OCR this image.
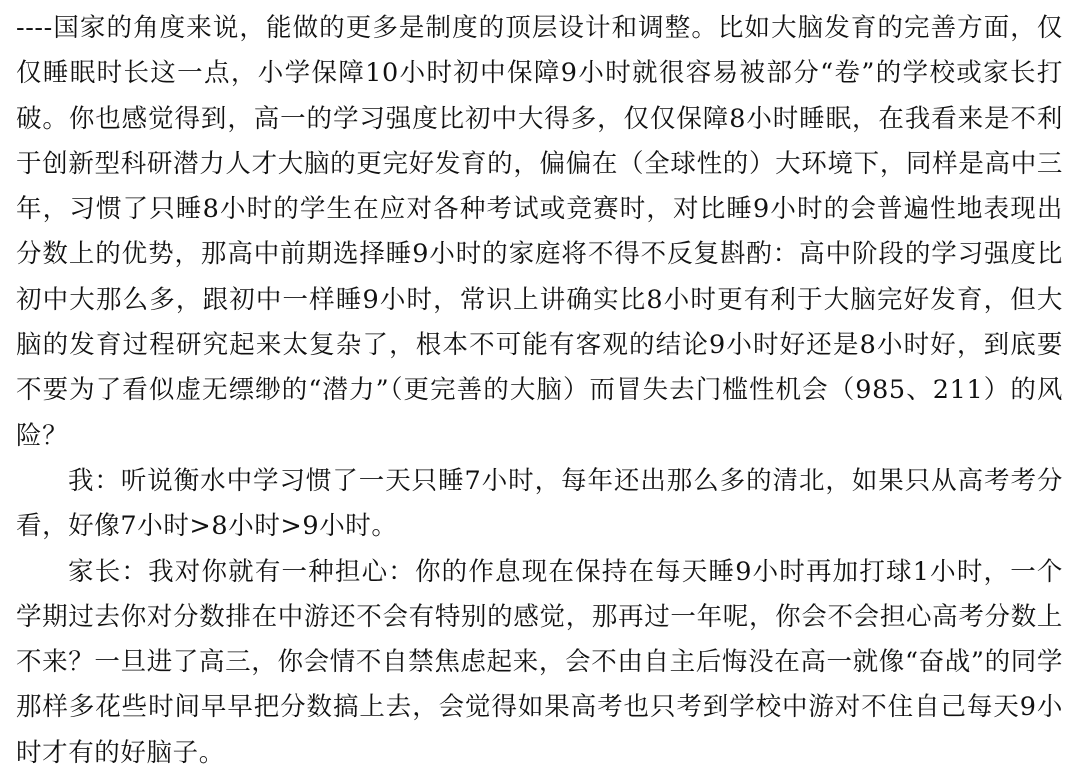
----国家的角度来说，能做的更多是制度的顶层设计和调整。比如大脑发育的完善方面，仅仅睡眠时长这一点，小学保障10小时初中保障9小时就很容易被部分“卷”的学校或家长打破。你也感觉得到，高一的学习强度比初中大得多，仅仅保障8小时睡眠，在我看来是不利于创新型科研潜力人才大脑的更完好发育的，偏偏在（全球性的）大环境下，同样是高中三年，习惯了只睡8小时的学生在应对各种考试或竞赛时，对比睡9小时的会普遍性地表现出分数上的优势，那高中前期选择睡9小时的家庭将不得不反复斟酌：高中阶段的学习强度比初中大那么多，跟初中一样睡9小时，常识上讲确实比8小时更有利于大脑完好发育，但大脑的发育过程研究起来太复杂了，根本不可能有客观的结论9小时好还是8小时好，到底要不要为了看似虚无缥缈的“潜力”（更完善的大脑）而冒失去门槛性机会（985、211）的风险？

我：听说衡水中学习惯了一天只睡7小时，每年还出那么多的清北，如果只从高考考分看，好像7小时>8小时>9小时。

家长：我对你就有一种担心：你的作息现在保持在每天睡9小时再加打球1小时，一个学期过去你对分数排在中游还不会有特别的感觉，那再过一年呢，你会不会担心高考分数上不来？一旦进了高三，你会情不自禁焦虑起来，会不由自主后悔没在高一就像“奋战”的同学那样多花些时间早早把分数搞上去，会觉得如果高考也只考到学校中游对不住自己每天9小时才有的好脑子。
